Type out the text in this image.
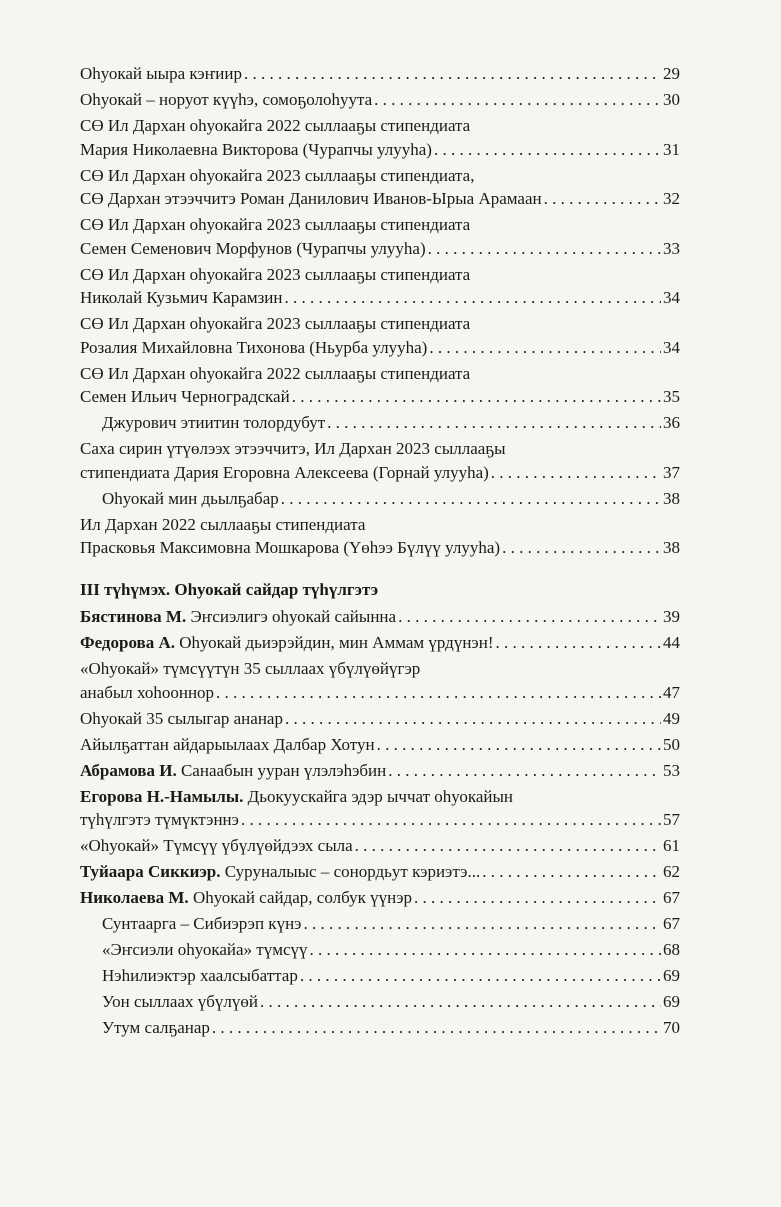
Оһуокай ыыра кэҥиир . . .	29
Оһуокай – норуот күүһэ, сомоҕолоһуута . . .	30
СӨ Ил Дархан оһуокайга 2022 сыллааҕы стипендиата
Мария Николаевна Викторова (Чурапчы улууһа) . . .	31
СӨ Ил Дархан оһуокайга 2023 сыллааҕы стипендиата,
СӨ Дархан этээччитэ Роман Данилович Иванов-Ырыа Арамаан . . .	32
СӨ Ил Дархан оһуокайга 2023 сыллааҕы стипендиата
Семен Семенович Морфунов (Чурапчы улууһа) . . .	33
СӨ Ил Дархан оһуокайга 2023 сыллааҕы стипендиата
Николай Кузьмич Карамзин . . .	34
СӨ Ил Дархан оһуокайга 2023 сыллааҕы стипендиата
Розалия Михайловна Тихонова (Ньурба улууһа) . . .	34
СӨ Ил Дархан оһуокайга 2022 сыллааҕы стипендиата
Семен Ильич Черноградскай . . .	35
Джурович этиитин толордубут . . .	36
Саха сирин үтүөлээх этээччитэ, Ил Дархан 2023 сыллааҕы
стипендиата Дария Егоровна Алексеева (Горнай улууһа) . . .	37
Оһуокай мин дьылҕабар . . .	38
Ил Дархан 2022 сыллааҕы стипендиата
Прасковья Максимовна Мошкарова (Үөһээ Бүлүү улууһа) . . .	38
III түһүмэх. Оһуокай сайдар түһүлгэтэ
Бястинова М. Эҥсиэлигэ оһуокай сайынна . . .	39
Федорова А. Оһуокай дьиэрэйдин, мин Аммам үрдүнэн! . . .	44
«Оһуокай» түмсүүтүн 35 сыллаах үбүлүөйүгэр
анабыл хоһооннор . . .	47
Оһуокай 35 сылыгар ананар . . .	49
Айылҕаттан айдарыылаах Далбар Хотун . . .	50
Абрамова И. Санаабын ууран үлэлэһэбин . . .	53
Егорова Н.-Намылы. Дьокуускайга эдэр ыччат оһуокайын
түһүлгэтэ түмүктэннэ . . .	57
«Оһуокай» Түмсүү үбүлүөйдээх сыла . . .	61
Туйаара Сиккиэр. Суруналыыс – сонордьут кэриэтэ... . . .	62
Николаева М. Оһуокай сайдар, солбук үүнэр . . .	67
Сунтаарга – Сибиэрэп күнэ . . .	67
«Эҥсиэли оһуокайа» түмсүү . . .	68
Нэһилиэктэр хаалсыбаттар . . .	69
Уон сыллаах үбүлүөй . . .	69
Утум салҕанар . . .	70
